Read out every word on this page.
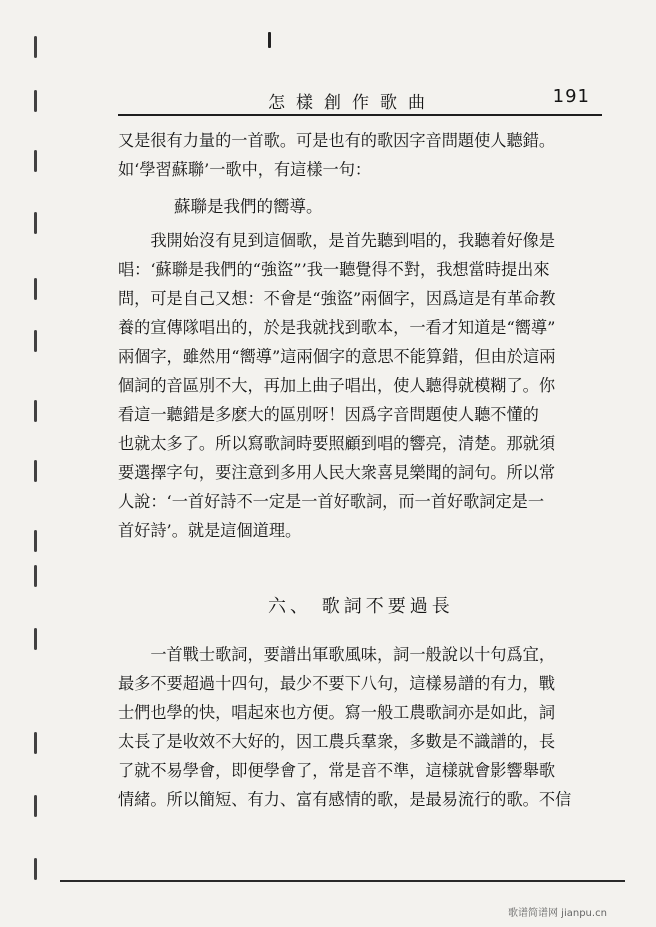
怎樣創作歌曲	191
又是很有力量的一首歌。可是也有的歌因字音問題使人聽錯。
如‘學習蘇聯’一歌中，有這樣一句：
蘇聯是我們的嚮導。
　　我開始沒有見到這個歌，是首先聽到唱的，我聽着好像是
唱：‘蘇聯是我們的“強盜”’我一聽覺得不對，我想當時提出來
問，可是自己又想：不會是“強盜”兩個字，因爲這是有革命教
養的宣傳隊唱出的，於是我就找到歌本，一看才知道是“嚮導”
兩個字，雖然用“嚮導”這兩個字的意思不能算錯，但由於這兩
個詞的音區別不大，再加上曲子唱出，使人聽得就模糊了。你
看這一聽錯是多麽大的區別呀！因爲字音問題使人聽不懂的
也就太多了。所以寫歌詞時要照顧到唱的響亮，清楚。那就須
要選擇字句，要注意到多用人民大衆喜見樂聞的詞句。所以常
人說：‘一首好詩不一定是一首好歌詞，而一首好歌詞定是一
首好詩’。就是這個道理。
六、 歌詞不要過長
　　一首戰士歌詞，要譜出軍歌風味，詞一般說以十句爲宜，
最多不要超過十四句，最少不要下八句，這樣易譜的有力，戰
士們也學的快，唱起來也方便。寫一般工農歌詞亦是如此，詞
太長了是收效不大好的，因工農兵羣衆，多數是不識譜的，長
了就不易學會，即便學會了，常是音不準，這樣就會影響舉歌
情緒。所以簡短、有力、富有感情的歌，是最易流行的歌。不信
歌谱简谱网 jianpu.cn
